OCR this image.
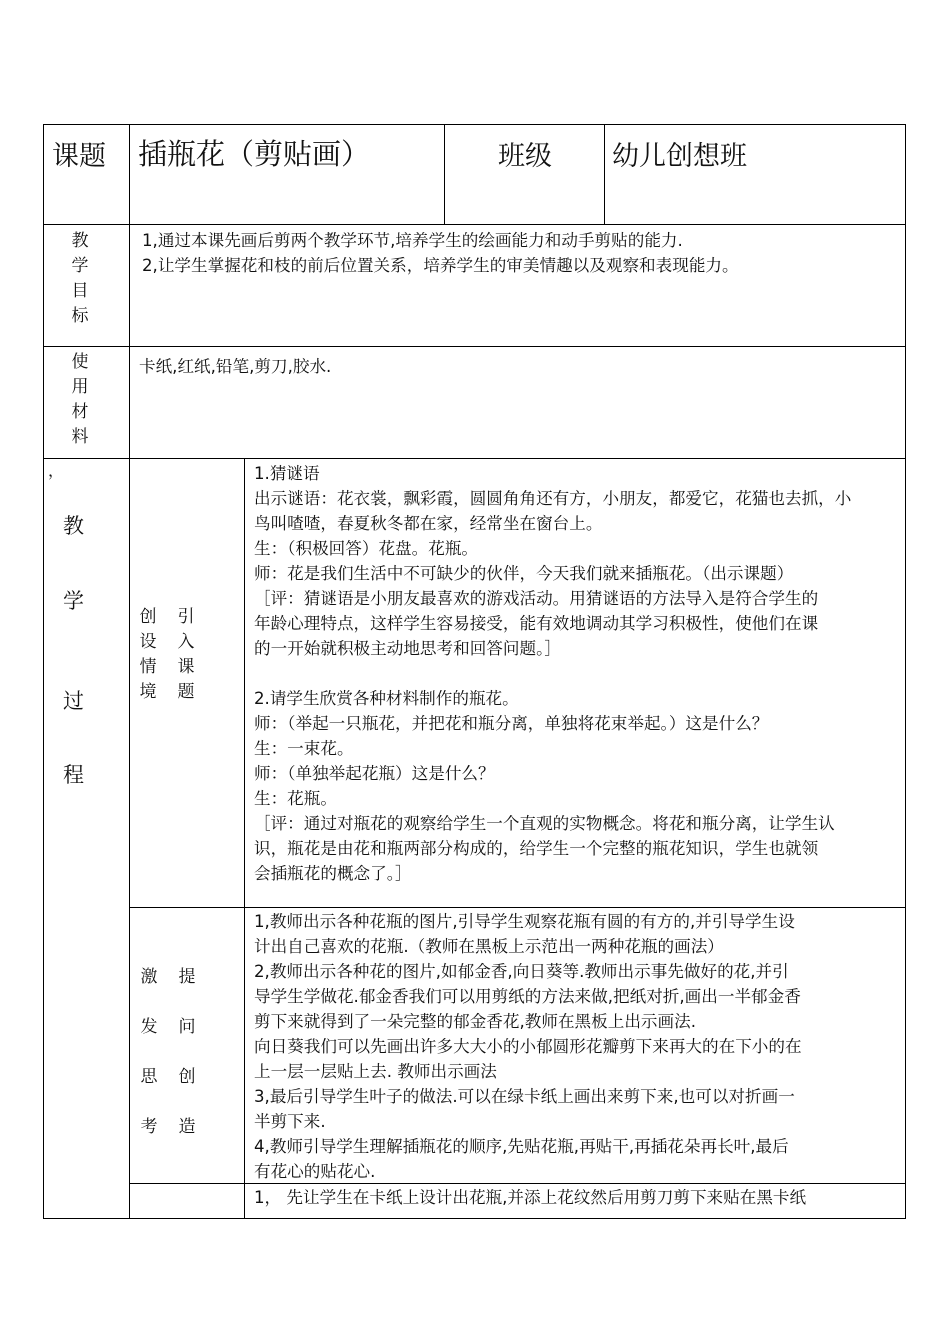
课题 插瓶花（剪贴画）	班级 幼儿创想班
教
学
目
标
1,通过本课先画后剪两个教学环节,培养学生的绘画能力和动手剪贴的能力.
2,让学生掌握花和枝的前后位置关系，培养学生的审美情趣以及观察和表现能力。
使
用
材
料
卡纸,红纸,铅笔,剪刀,胶水.
，
教
学
过
程
创
设
情
境
引
入
课
题
1.猜谜语
出示谜语：花衣裳，飘彩霞，圆圆角角还有方，小朋友，都爱它，花猫也去抓，小
鸟叫喳喳，春夏秋冬都在家，经常坐在窗台上。
生：（积极回答）花盘。花瓶。
师：花是我们生活中不可缺少的伙伴，今天我们就来插瓶花。（出示课题）
［评：猜谜语是小朋友最喜欢的游戏活动。用猜谜语的方法导入是符合学生的
年龄心理特点，这样学生容易接受，能有效地调动其学习积极性，使他们在课
的一开始就积极主动地思考和回答问题。］
2.请学生欣赏各种材料制作的瓶花。
师：（举起一只瓶花，并把花和瓶分离，单独将花束举起。）这是什么？
生：一束花。
师：（单独举起花瓶）这是什么？
生：花瓶。
［评：通过对瓶花的观察给学生一个直观的实物概念。将花和瓶分离，让学生认
识，瓶花是由花和瓶两部分构成的，给学生一个完整的瓶花知识，学生也就领
会插瓶花的概念了。］
激
发
思
考
提
问
创
造
1,教师出示各种花瓶的图片,引导学生观察花瓶有圆的有方的,并引导学生设
计出自己喜欢的花瓶.（教师在黑板上示范出一两种花瓶的画法）
2,教师出示各种花的图片,如郁金香,向日葵等.教师出示事先做好的花,并引
导学生学做花.郁金香我们可以用剪纸的方法来做,把纸对折,画出一半郁金香
剪下来就得到了一朵完整的郁金香花,教师在黑板上出示画法.
向日葵我们可以先画出许多大大小的小郁圆形花瓣剪下来再大的在下小的在
上一层一层贴上去. 教师出示画法
3,最后引导学生叶子的做法.可以在绿卡纸上画出来剪下来,也可以对折画一
半剪下来.
4,教师引导学生理解插瓶花的顺序,先贴花瓶,再贴干,再插花朵再长叶,最后
有花心的贴花心.
1， 先让学生在卡纸上设计出花瓶,并添上花纹然后用剪刀剪下来贴在黑卡纸
